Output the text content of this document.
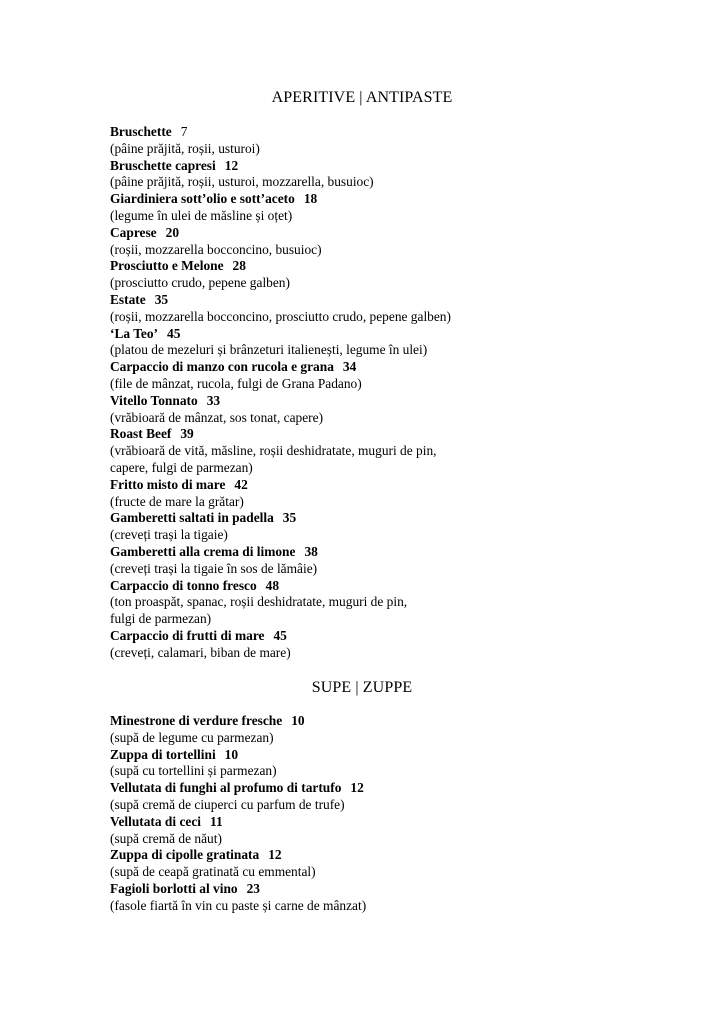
APERITIVE | ANTIPASTE
Bruschette 7
(pâine prăjită, roșii, usturoi)
Bruschette capresi 12
(pâine prăjită, roșii, usturoi, mozzarella, busuioc)
Giardiniera sott’olio e sott’aceto 18
(legume în ulei de măsline și oțet)
Caprese 20
(roșii, mozzarella bocconcino, busuioc)
Prosciutto e Melone 28
(prosciutto crudo, pepene galben)
Estate 35
(roșii, mozzarella bocconcino, prosciutto crudo, pepene galben)
‘La Teo’ 45
(platou de mezeluri și brânzeturi italienești, legume în ulei)
Carpaccio di manzo con rucola e grana 34
(file de mânzat, rucola, fulgi de Grana Padano)
Vitello Tonnato 33
(vrăbioară de mânzat, sos tonat, capere)
Roast Beef 39
(vrăbioară de vită, măsline, roșii deshidratate, muguri de pin,
capere, fulgi de parmezan)
Fritto misto di mare 42
(fructe de mare la grătar)
Gamberetti saltati in padella 35
(creveți trași la tigaie)
Gamberetti alla crema di limone 38
(creveți trași la tigaie în sos de lămâie)
Carpaccio di tonno fresco 48
(ton proaspăt, spanac, roșii deshidratate, muguri de pin,
fulgi de parmezan)
Carpaccio di frutti di mare 45
(creveți, calamari, biban de mare)
SUPE | ZUPPE
Minestrone di verdure fresche 10
(supă de legume cu parmezan)
Zuppa di tortellini 10
(supă cu tortellini și parmezan)
Vellutata di funghi al profumo di tartufo 12
(supă cremă de ciuperci cu parfum de trufe)
Vellutata di ceci 11
(supă cremă de năut)
Zuppa di cipolle gratinata 12
(supă de ceapă gratinată cu emmental)
Fagioli borlotti al vino 23
(fasole fiartă în vin cu paste și carne de mânzat)
